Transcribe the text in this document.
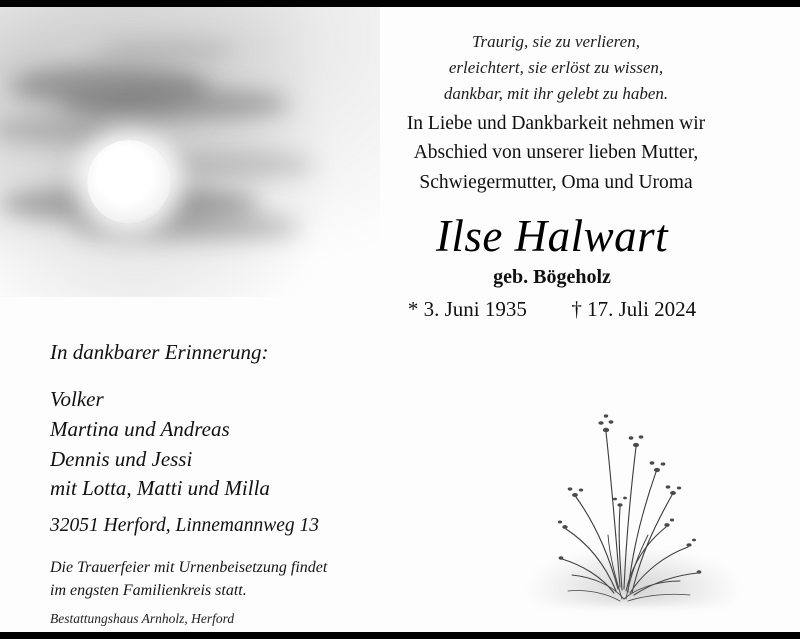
Traurig, sie zu verlieren,
erleichtert, sie erlöst zu wissen,
dankbar, mit ihr gelebt zu haben.
In Liebe und Dankbarkeit nehmen wir
Abschied von unserer lieben Mutter,
Schwiegermutter, Oma und Uroma
Ilse Halwart
geb. Bögeholz
* 3. Juni 1935 † 17. Juli 2024
In dankbarer Erinnerung:
Volker
Martina und Andreas
Dennis und Jessi
mit Lotta, Matti und Milla
32051 Herford, Linnemannweg 13
Die Trauerfeier mit Urnenbeisetzung findet
im engsten Familienkreis statt.
Bestattungshaus Arnholz, Herford
